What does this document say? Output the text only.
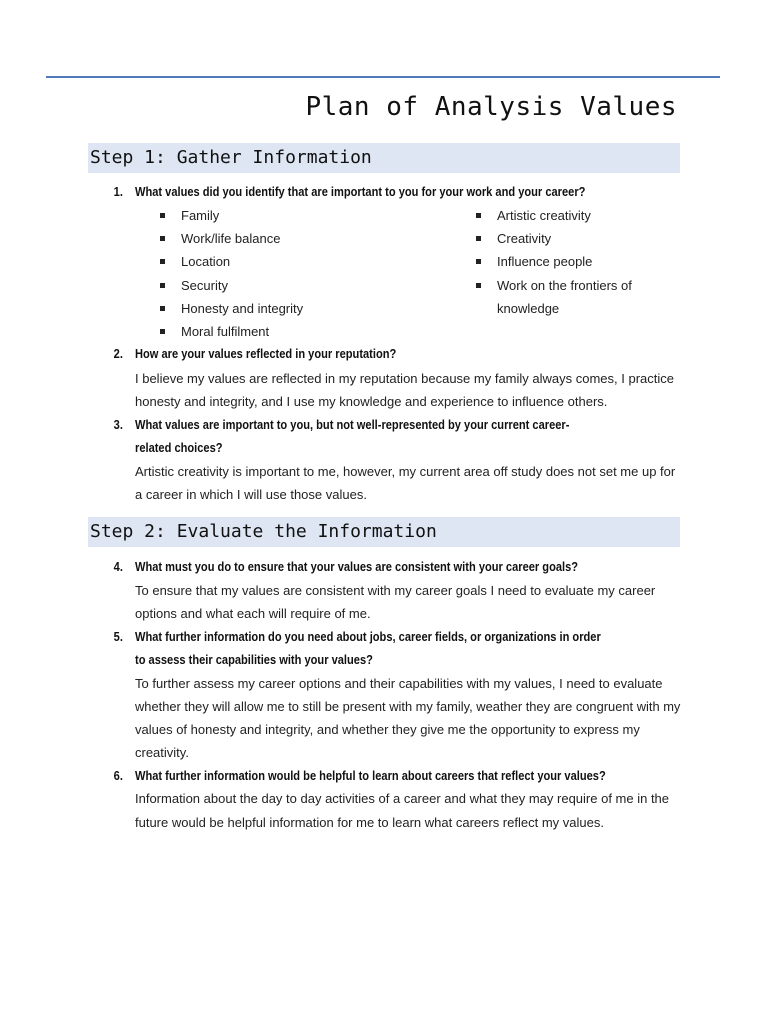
Plan of Analysis Values
Step 1: Gather Information
1. What values did you identify that are important to you for your work and your career?
Family
Work/life balance
Location
Security
Honesty and integrity
Moral fulfilment
Artistic creativity
Creativity
Influence people
Work on the frontiers of
knowledge
2. How are your values reflected in your reputation?
I believe my values are reflected in my reputation because my family always comes, I practice
honesty and integrity, and I use my knowledge and experience to influence others.
3. What values are important to you, but not well-represented by your current career-
related choices?
Artistic creativity is important to me, however, my current area off study does not set me up for
a career in which I will use those values.
Step 2: Evaluate the Information
4. What must you do to ensure that your values are consistent with your career goals?
To ensure that my values are consistent with my career goals I need to evaluate my career
options and what each will require of me.
5. What further information do you need about jobs, career fields, or organizations in order
to assess their capabilities with your values?
To further assess my career options and their capabilities with my values, I need to evaluate
whether they will allow me to still be present with my family, weather they are congruent with my
values of honesty and integrity, and whether they give me the opportunity to express my
creativity.
6. What further information would be helpful to learn about careers that reflect your values?
Information about the day to day activities of a career and what they may require of me in the
future would be helpful information for me to learn what careers reflect my values.
